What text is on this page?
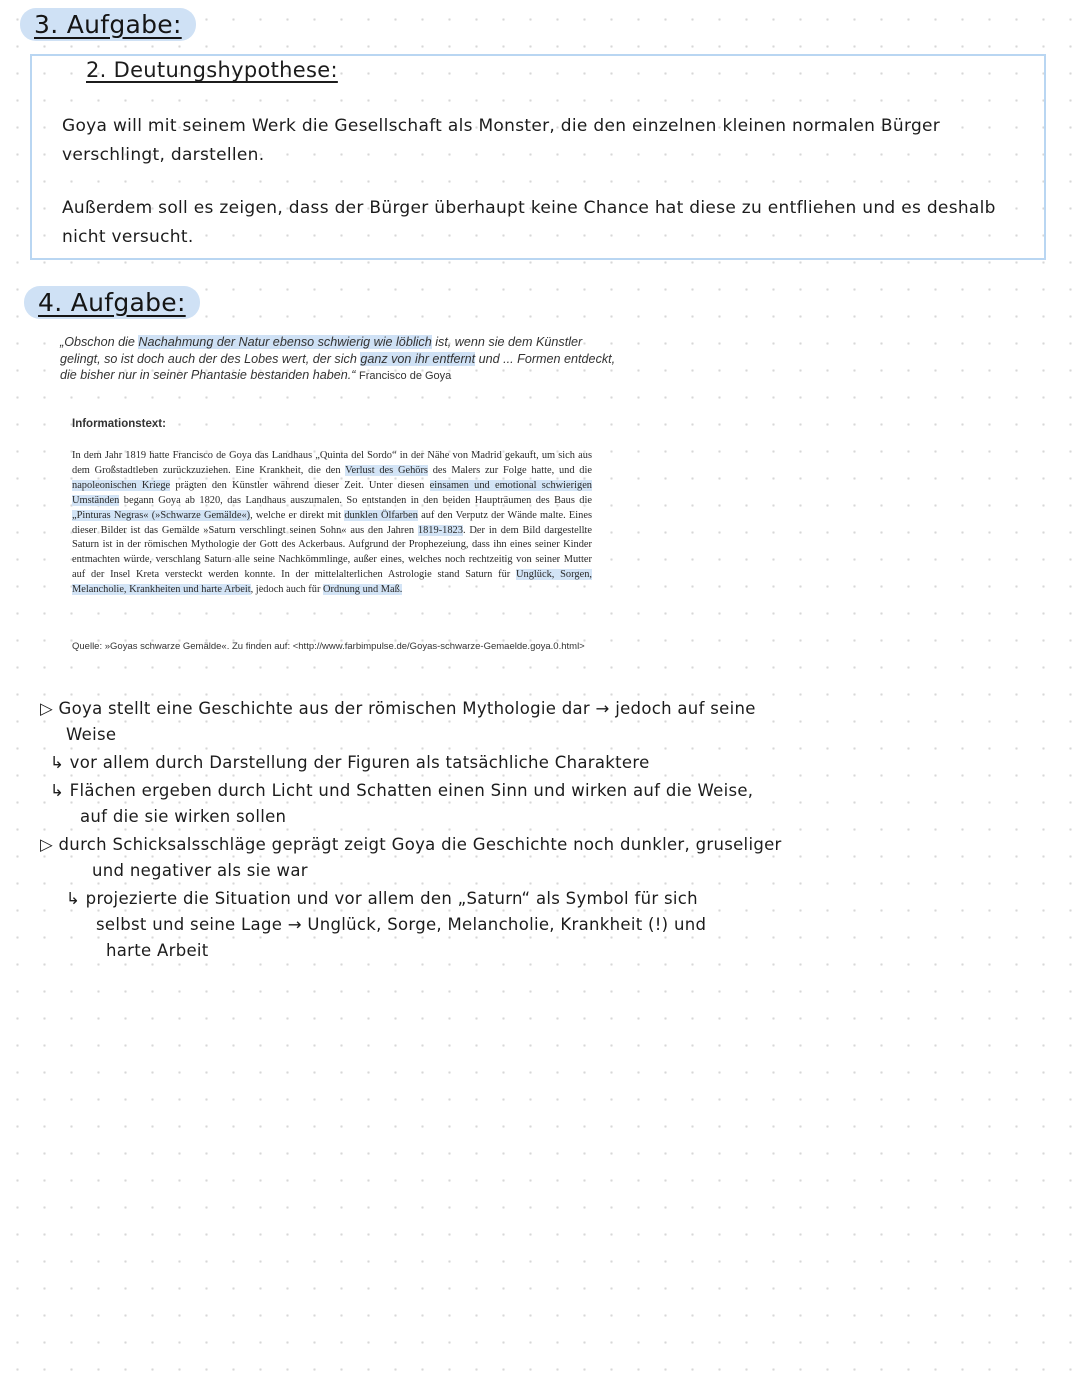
3. Aufgabe:
2. Deutungshypothese:
Goya will mit seinem Werk die Gesellschaft als Monster, die den einzelnen kleinen normalen Bürger verschlingt, darstellen.
Außerdem soll es zeigen, dass der Bürger überhaupt keine Chance hat diese zu entfliehen und es deshalb nicht versucht.
4. Aufgabe:
„Obschon die Nachahmung der Natur ebenso schwierig wie löblich ist, wenn sie dem Künstler gelingt, so ist doch auch der des Lobes wert, der sich ganz von ihr entfernt und ... Formen entdeckt, die bisher nur in seiner Phantasie bestanden haben.“ Francisco de Goya
Informationstext:
In dem Jahr 1819 hatte Francisco de Goya das Landhaus „Quinta del Sordo“ in der Nähe von Madrid gekauft, um sich aus dem Großstadtleben zurückzuziehen. Eine Krankheit, die den Verlust des Gehörs des Malers zur Folge hatte, und die napoleonischen Kriege prägten den Künstler während dieser Zeit. Unter diesen einsamen und emotional schwierigen Umständen begann Goya ab 1820, das Landhaus auszumalen. So entstanden in den beiden Haupträumen des Baus die „Pinturas Negras« (»Schwarze Gemälde«), welche er direkt mit dunklen Ölfarben auf den Verputz der Wände malte. Eines dieser Bilder ist das Gemälde »Saturn verschlingt seinen Sohn« aus den Jahren 1819-1823. Der in dem Bild dargestellte Saturn ist in der römischen Mythologie der Gott des Ackerbaus. Aufgrund der Prophezeiung, dass ihn eines seiner Kinder entmachten würde, verschlang Saturn alle seine Nachkömmlinge, außer eines, welches noch rechtzeitig von seiner Mutter auf der Insel Kreta versteckt werden konnte. In der mittelalterlichen Astrologie stand Saturn für Unglück, Sorgen, Melancholie, Krankheiten und harte Arbeit, jedoch auch für Ordnung und Maß.
Quelle: »Goyas schwarze Gemälde«. Zu finden auf: <http://www.farbimpulse.de/Goyas-schwarze-Gemaelde.goya.0.html>
▷ Goya stellt eine Geschichte aus der römischen Mythologie dar → jedoch auf seine
Weise
↳ vor allem durch Darstellung der Figuren als tatsächliche Charaktere
↳ Flächen ergeben durch Licht und Schatten einen Sinn und wirken auf die Weise,
auf die sie wirken sollen
▷ durch Schicksalsschläge geprägt zeigt Goya die Geschichte noch dunkler, gruseliger
und negativer als sie war
↳ projezierte die Situation und vor allem den „Saturn“ als Symbol für sich
selbst und seine Lage → Unglück, Sorge, Melancholie, Krankheit (!) und
harte Arbeit
